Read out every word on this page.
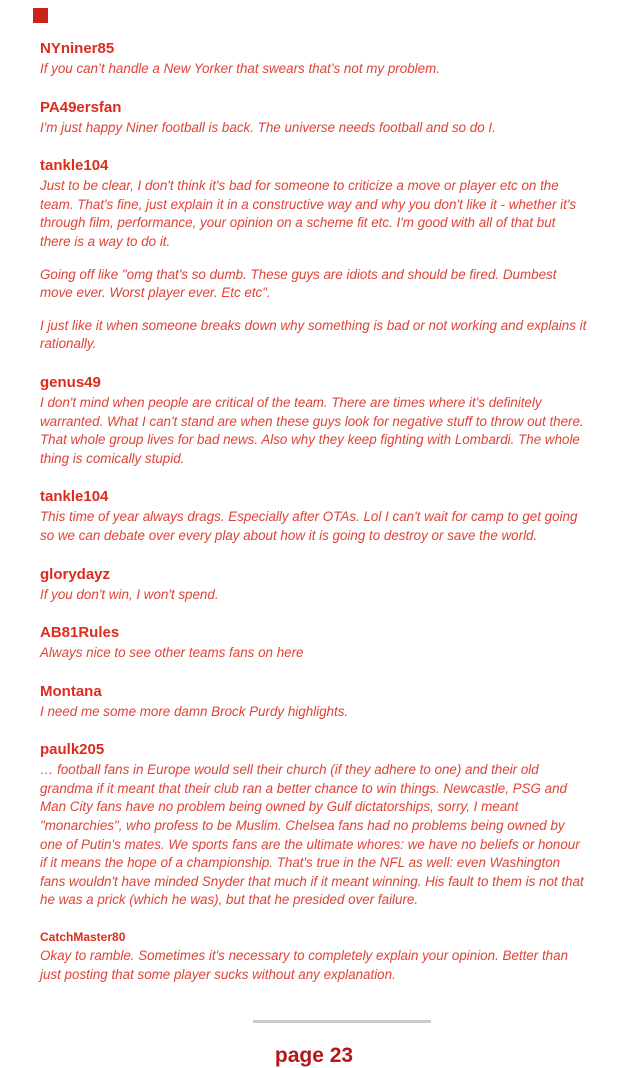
NYniner85

If you can’t handle a New Yorker that swears that’s not my problem.

PA49ersfan

I'm just happy Niner football is back. The universe needs football and so do I.

tankle104

Just to be clear, I don't think it's bad for someone to criticize a move or player etc on the team. That's fine, just explain it in a constructive way and why you don't like it - whether it's through film, performance, your opinion on a scheme fit etc. I'm good with all of that but there is a way to do it.

Going off like "omg that's so dumb. These guys are idiots and should be fired. Dumbest move ever. Worst player ever. Etc etc".

I just like it when someone breaks down why something is bad or not working and explains it rationally.

genus49

I don't mind when people are critical of the team. There are times where it's definitely warranted. What I can't stand are when these guys look for negative stuff to throw out there. That whole group lives for bad news. Also why they keep fighting with Lombardi. The whole thing is comically stupid.

tankle104

This time of year always drags. Especially after OTAs. Lol I can't wait for camp to get going so we can debate over every play about how it is going to destroy or save the world.

glorydayz

If you don't win, I won't spend.

AB81Rules

Always nice to see other teams fans on here

Montana

I need me some more damn Brock Purdy highlights.

paulk205

… football fans in Europe would sell their church (if they adhere to one) and their old grandma if it meant that their club ran a better chance to win things. Newcastle, PSG and Man City fans have no problem being owned by Gulf dictatorships, sorry, I meant "monarchies", who profess to be Muslim. Chelsea fans had no problems being owned by one of Putin's mates. We sports fans are the ultimate whores: we have no beliefs or honour if it means the hope of a championship. That's true in the NFL as well: even Washington fans wouldn't have minded Snyder that much if it meant winning. His fault to them is not that he was a prick (which he was), but that he presided over failure.

CatchMaster80

Okay to ramble. Sometimes it's necessary to completely explain your opinion. Better than just posting that some player sucks without any explanation.

page 23
